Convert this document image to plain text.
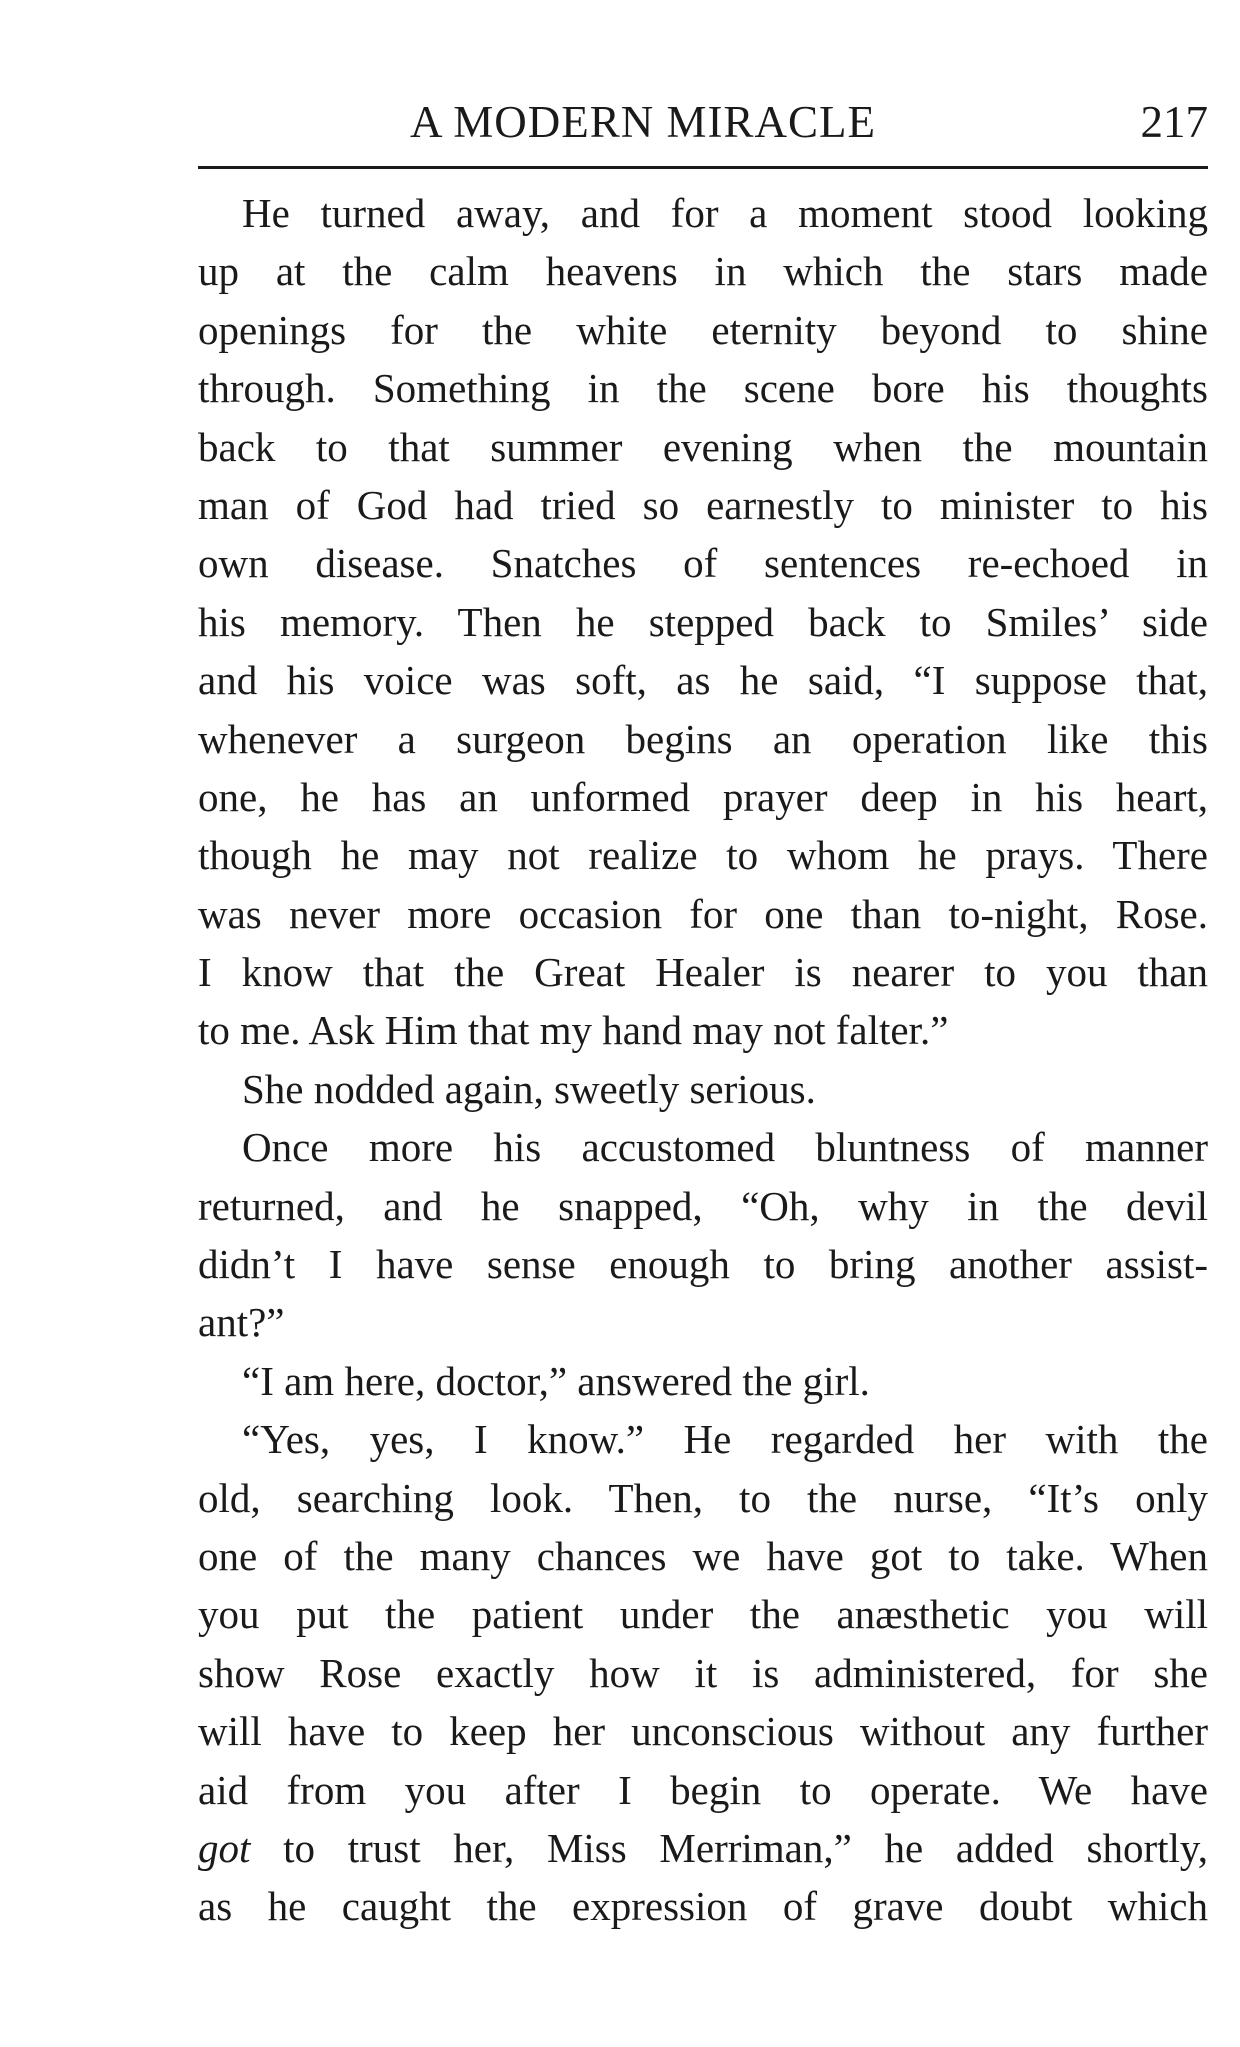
A MODERN MIRACLE	217
He turned away, and for a moment stood looking
up at the calm heavens in which the stars made
openings for the white eternity beyond to shine
through. Something in the scene bore his thoughts
back to that summer evening when the mountain
man of God had tried so earnestly to minister to his
own disease. Snatches of sentences re-echoed in
his memory. Then he stepped back to Smiles’ side
and his voice was soft, as he said, “I suppose that,
whenever a surgeon begins an operation like this
one, he has an unformed prayer deep in his heart,
though he may not realize to whom he prays. There
was never more occasion for one than to-night, Rose.
I know that the Great Healer is nearer to you than
to me. Ask Him that my hand may not falter.”
She nodded again, sweetly serious.
Once more his accustomed bluntness of manner
returned, and he snapped, “Oh, why in the devil
didn’t I have sense enough to bring another assist-
ant?”
“I am here, doctor,” answered the girl.
“Yes, yes, I know.” He regarded her with the
old, searching look. Then, to the nurse, “It’s only
one of the many chances we have got to take. When
you put the patient under the anæsthetic you will
show Rose exactly how it is administered, for she
will have to keep her unconscious without any further
aid from you after I begin to operate. We have
got to trust her, Miss Merriman,” he added shortly,
as he caught the expression of grave doubt which
